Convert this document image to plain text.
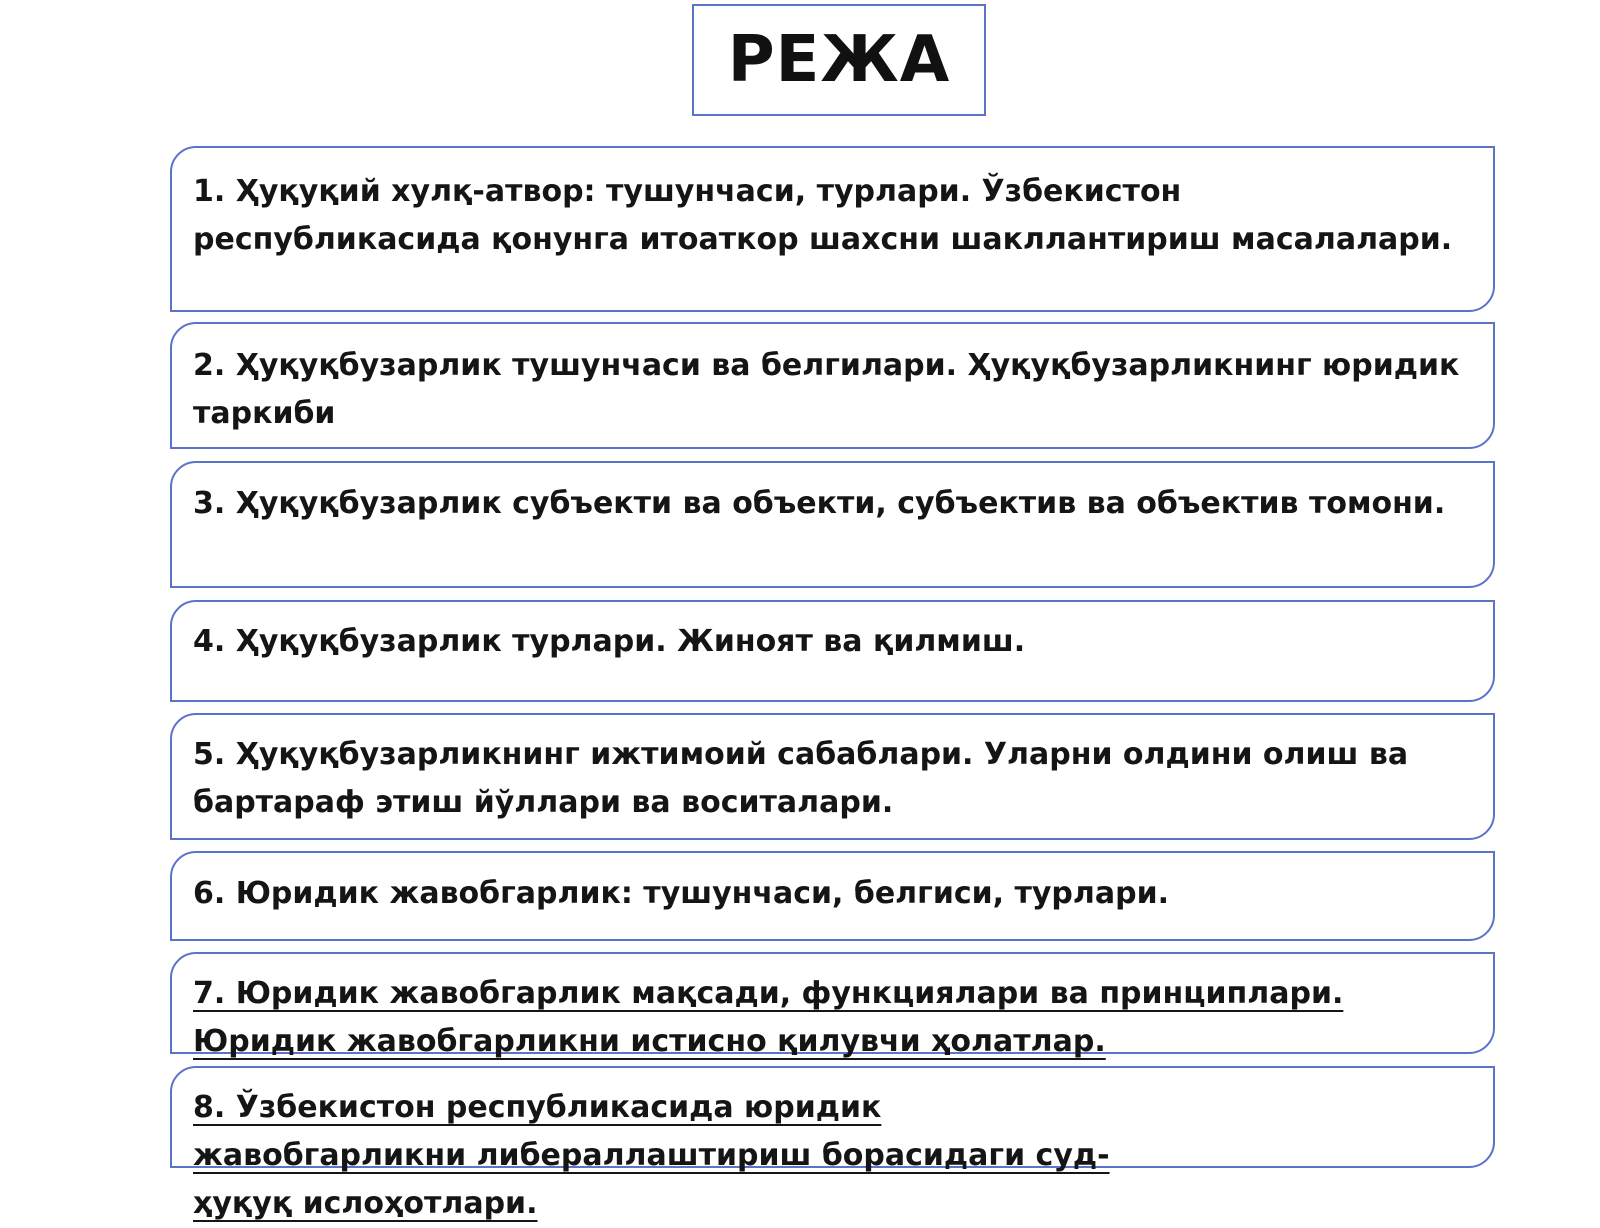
РЕЖА
1. Ҳуқуқий хулқ-атвор: тушунчаси, турлари. Ўзбекистон республикасида қонунга итоаткор шахсни шакллантириш масалалари.
2. Ҳуқуқбузарлик тушунчаси ва белгилари. Ҳуқуқбузарликнинг юридик таркиби
3. Ҳуқуқбузарлик субъекти ва объекти, субъектив ва объектив томони.
4. Ҳуқуқбузарлик турлари. Жиноят ва қилмиш.
5. Ҳуқуқбузарликнинг ижтимоий сабаблари. Уларни олдини олиш ва бартараф этиш йўллари ва воситалари.
6. Юридик жавобгарлик: тушунчаси, белгиси, турлари.
7. Юридик жавобгарлик мақсади, функциялари ва принциплари. Юридик жавобгарликни истисно қилувчи ҳолатлар.
8. Ўзбекистон республикасида юридик жавобгарликни либераллаштириш борасидаги суд-ҳуқуқ ислоҳотлари.
